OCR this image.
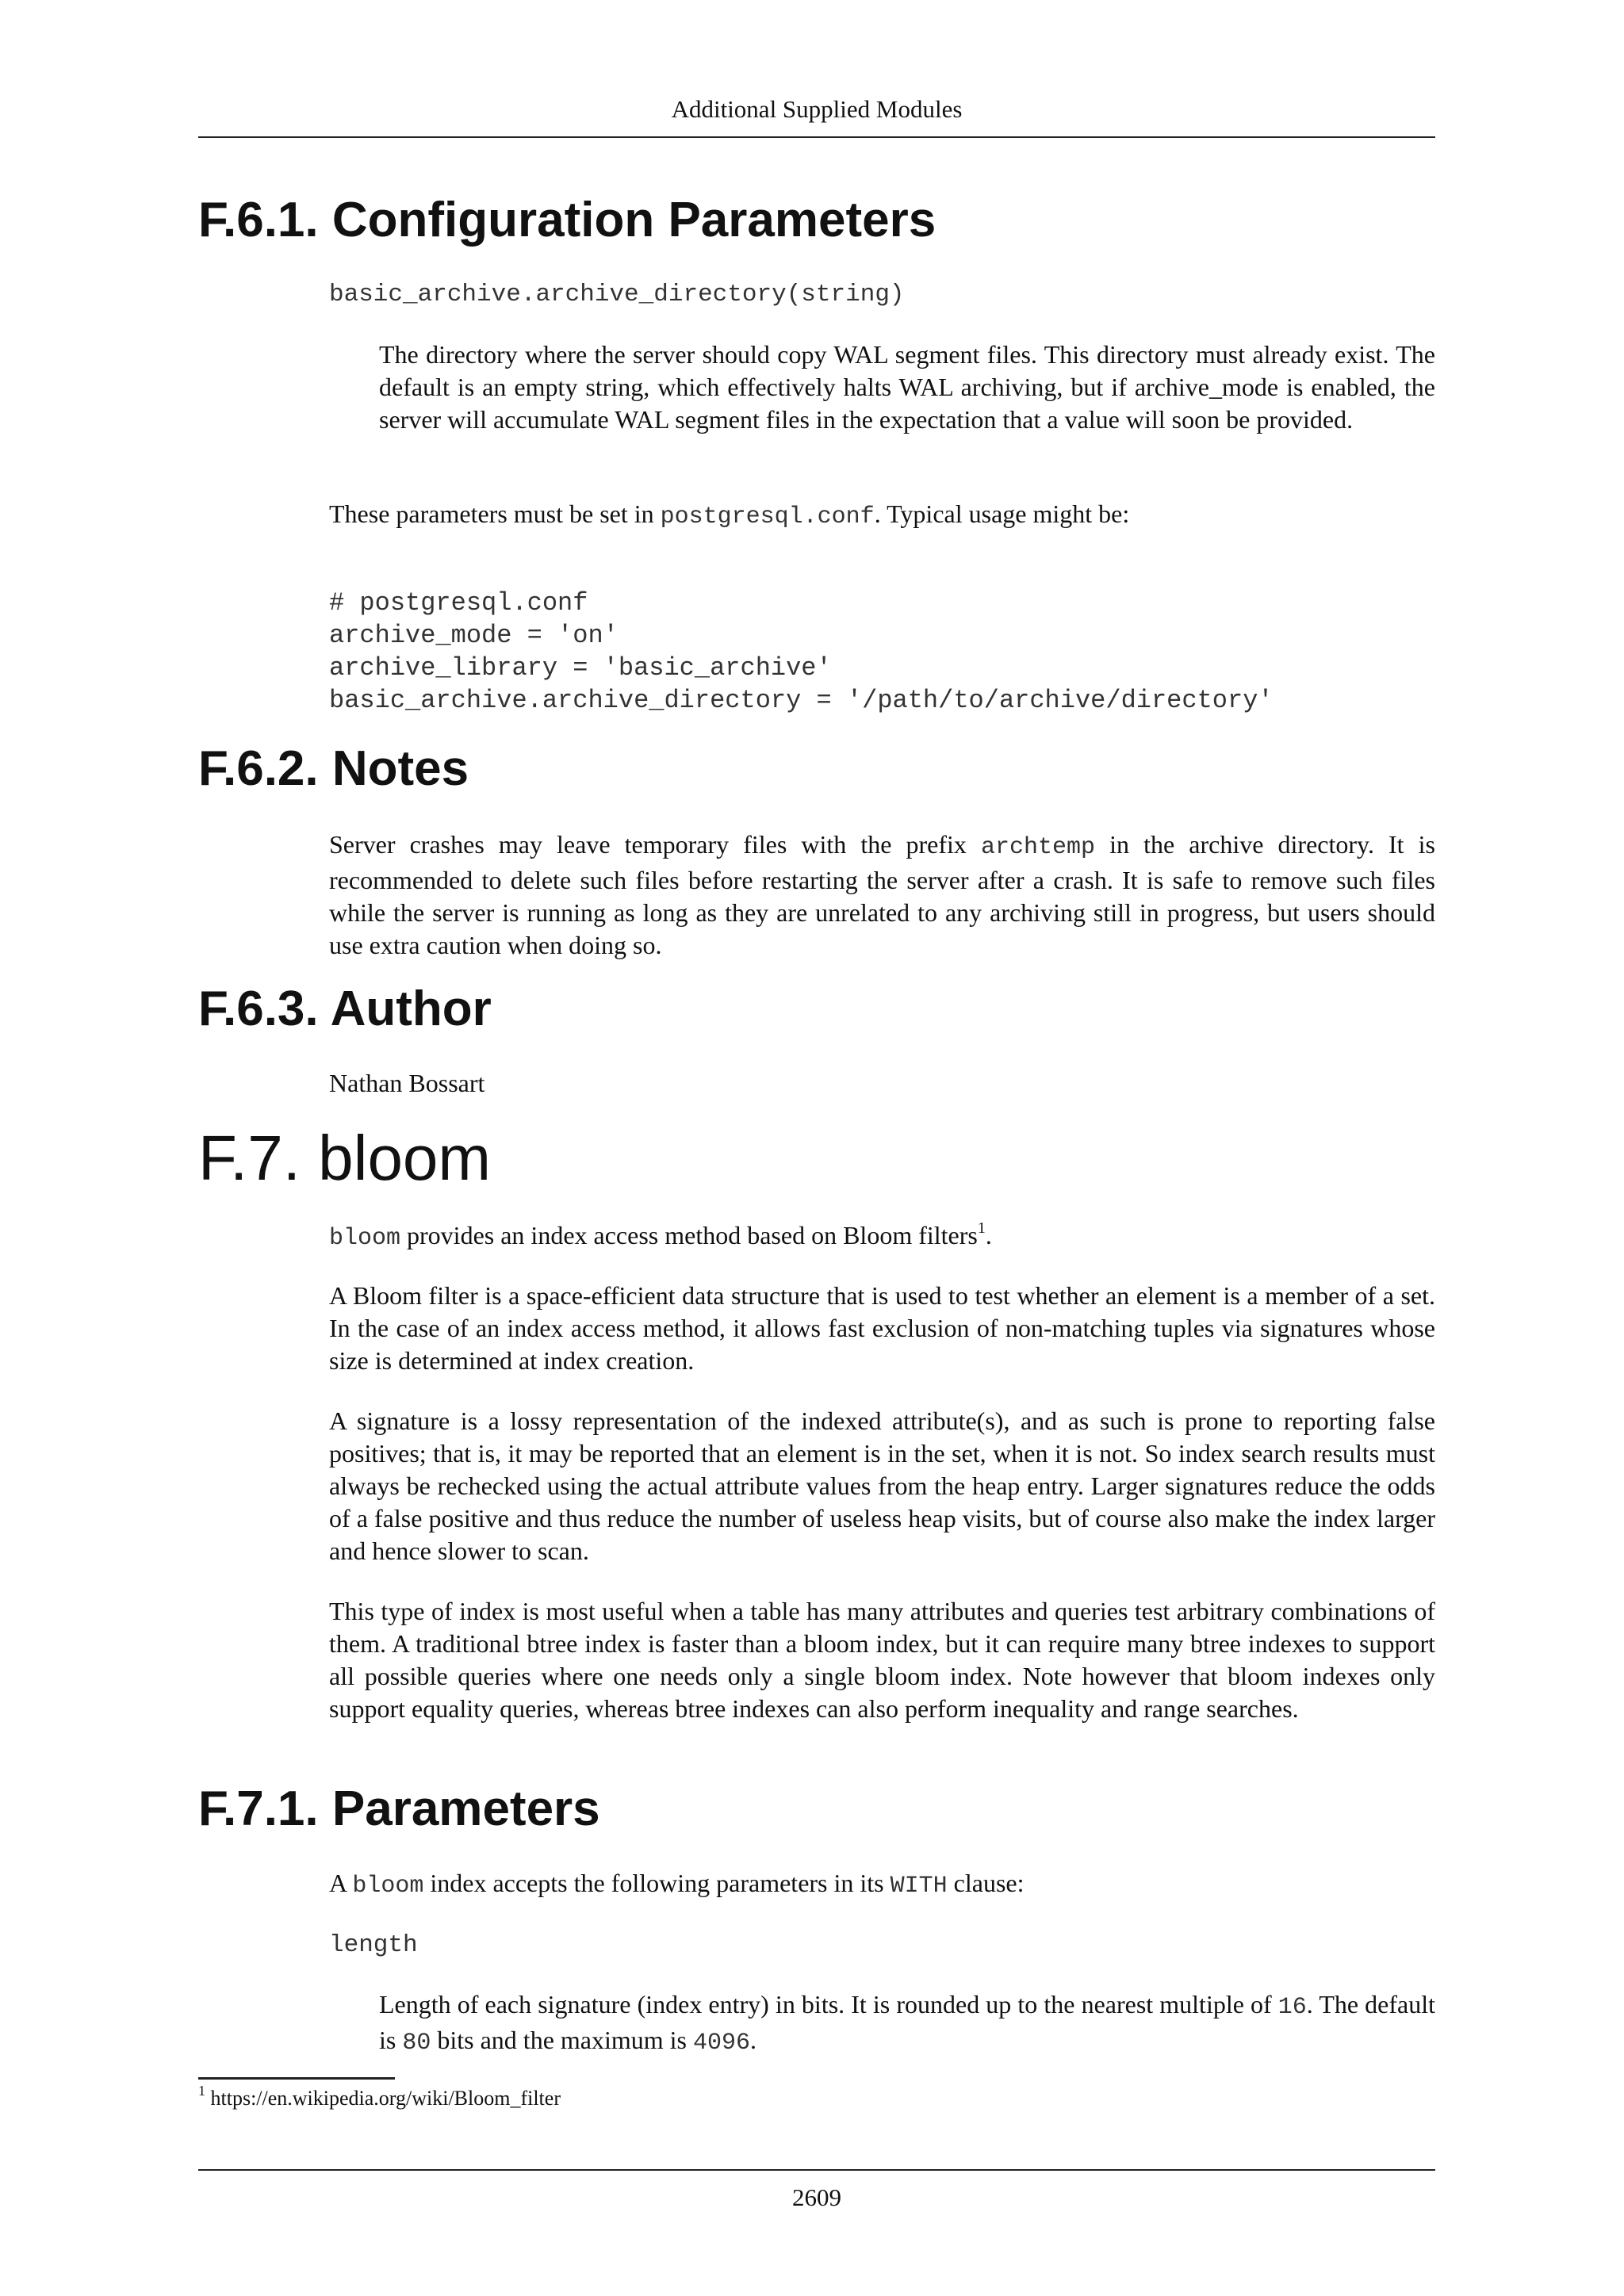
Additional Supplied Modules
F.6.1. Configuration Parameters
basic_archive.archive_directory(string)

The directory where the server should copy WAL segment files. This directory must already exist. The default is an empty string, which effectively halts WAL archiving, but if archive_mode is enabled, the server will accumulate WAL segment files in the expectation that a value will soon be provided.

These parameters must be set in postgresql.conf. Typical usage might be:

# postgresql.conf
archive_mode = 'on'
archive_library = 'basic_archive'
basic_archive.archive_directory = '/path/to/archive/directory'
F.6.2. Notes

Server crashes may leave temporary files with the prefix archtemp in the archive directory. It is recommended to delete such files before restarting the server after a crash. It is safe to remove such files while the server is running as long as they are unrelated to any archiving still in progress, but users should use extra caution when doing so.

F.6.3. Author

Nathan Bossart

F.7. bloom

bloom provides an index access method based on Bloom filters$^1$.

A Bloom filter is a space-efficient data structure that is used to test whether an element is a member of a set. In the case of an index access method, it allows fast exclusion of non-matching tuples via signatures whose size is determined at index creation.

A signature is a lossy representation of the indexed attribute(s), and as such is prone to reporting false positives; that is, it may be reported that an element is in the set, when it is not. So index search results must always be rechecked using the actual attribute values from the heap entry. Larger signatures reduce the odds of a false positive and thus reduce the number of useless heap visits, but of course also make the index larger and hence slower to scan.

This type of index is most useful when a table has many attributes and queries test arbitrary combinations of them. A traditional btree index is faster than a bloom index, but it can require many btree indexes to support all possible queries where one needs only a single bloom index. Note however that bloom indexes only support equality queries, whereas btree indexes can also perform inequality and range searches.

F.7.1. Parameters

A bloom index accepts the following parameters in its WITH clause:

length

Length of each signature (index entry) in bits. It is rounded up to the nearest multiple of 16. The default is 80 bits and the maximum is 4096.

$^1$ https://en.wikipedia.org/wiki/Bloom_filter
2609
